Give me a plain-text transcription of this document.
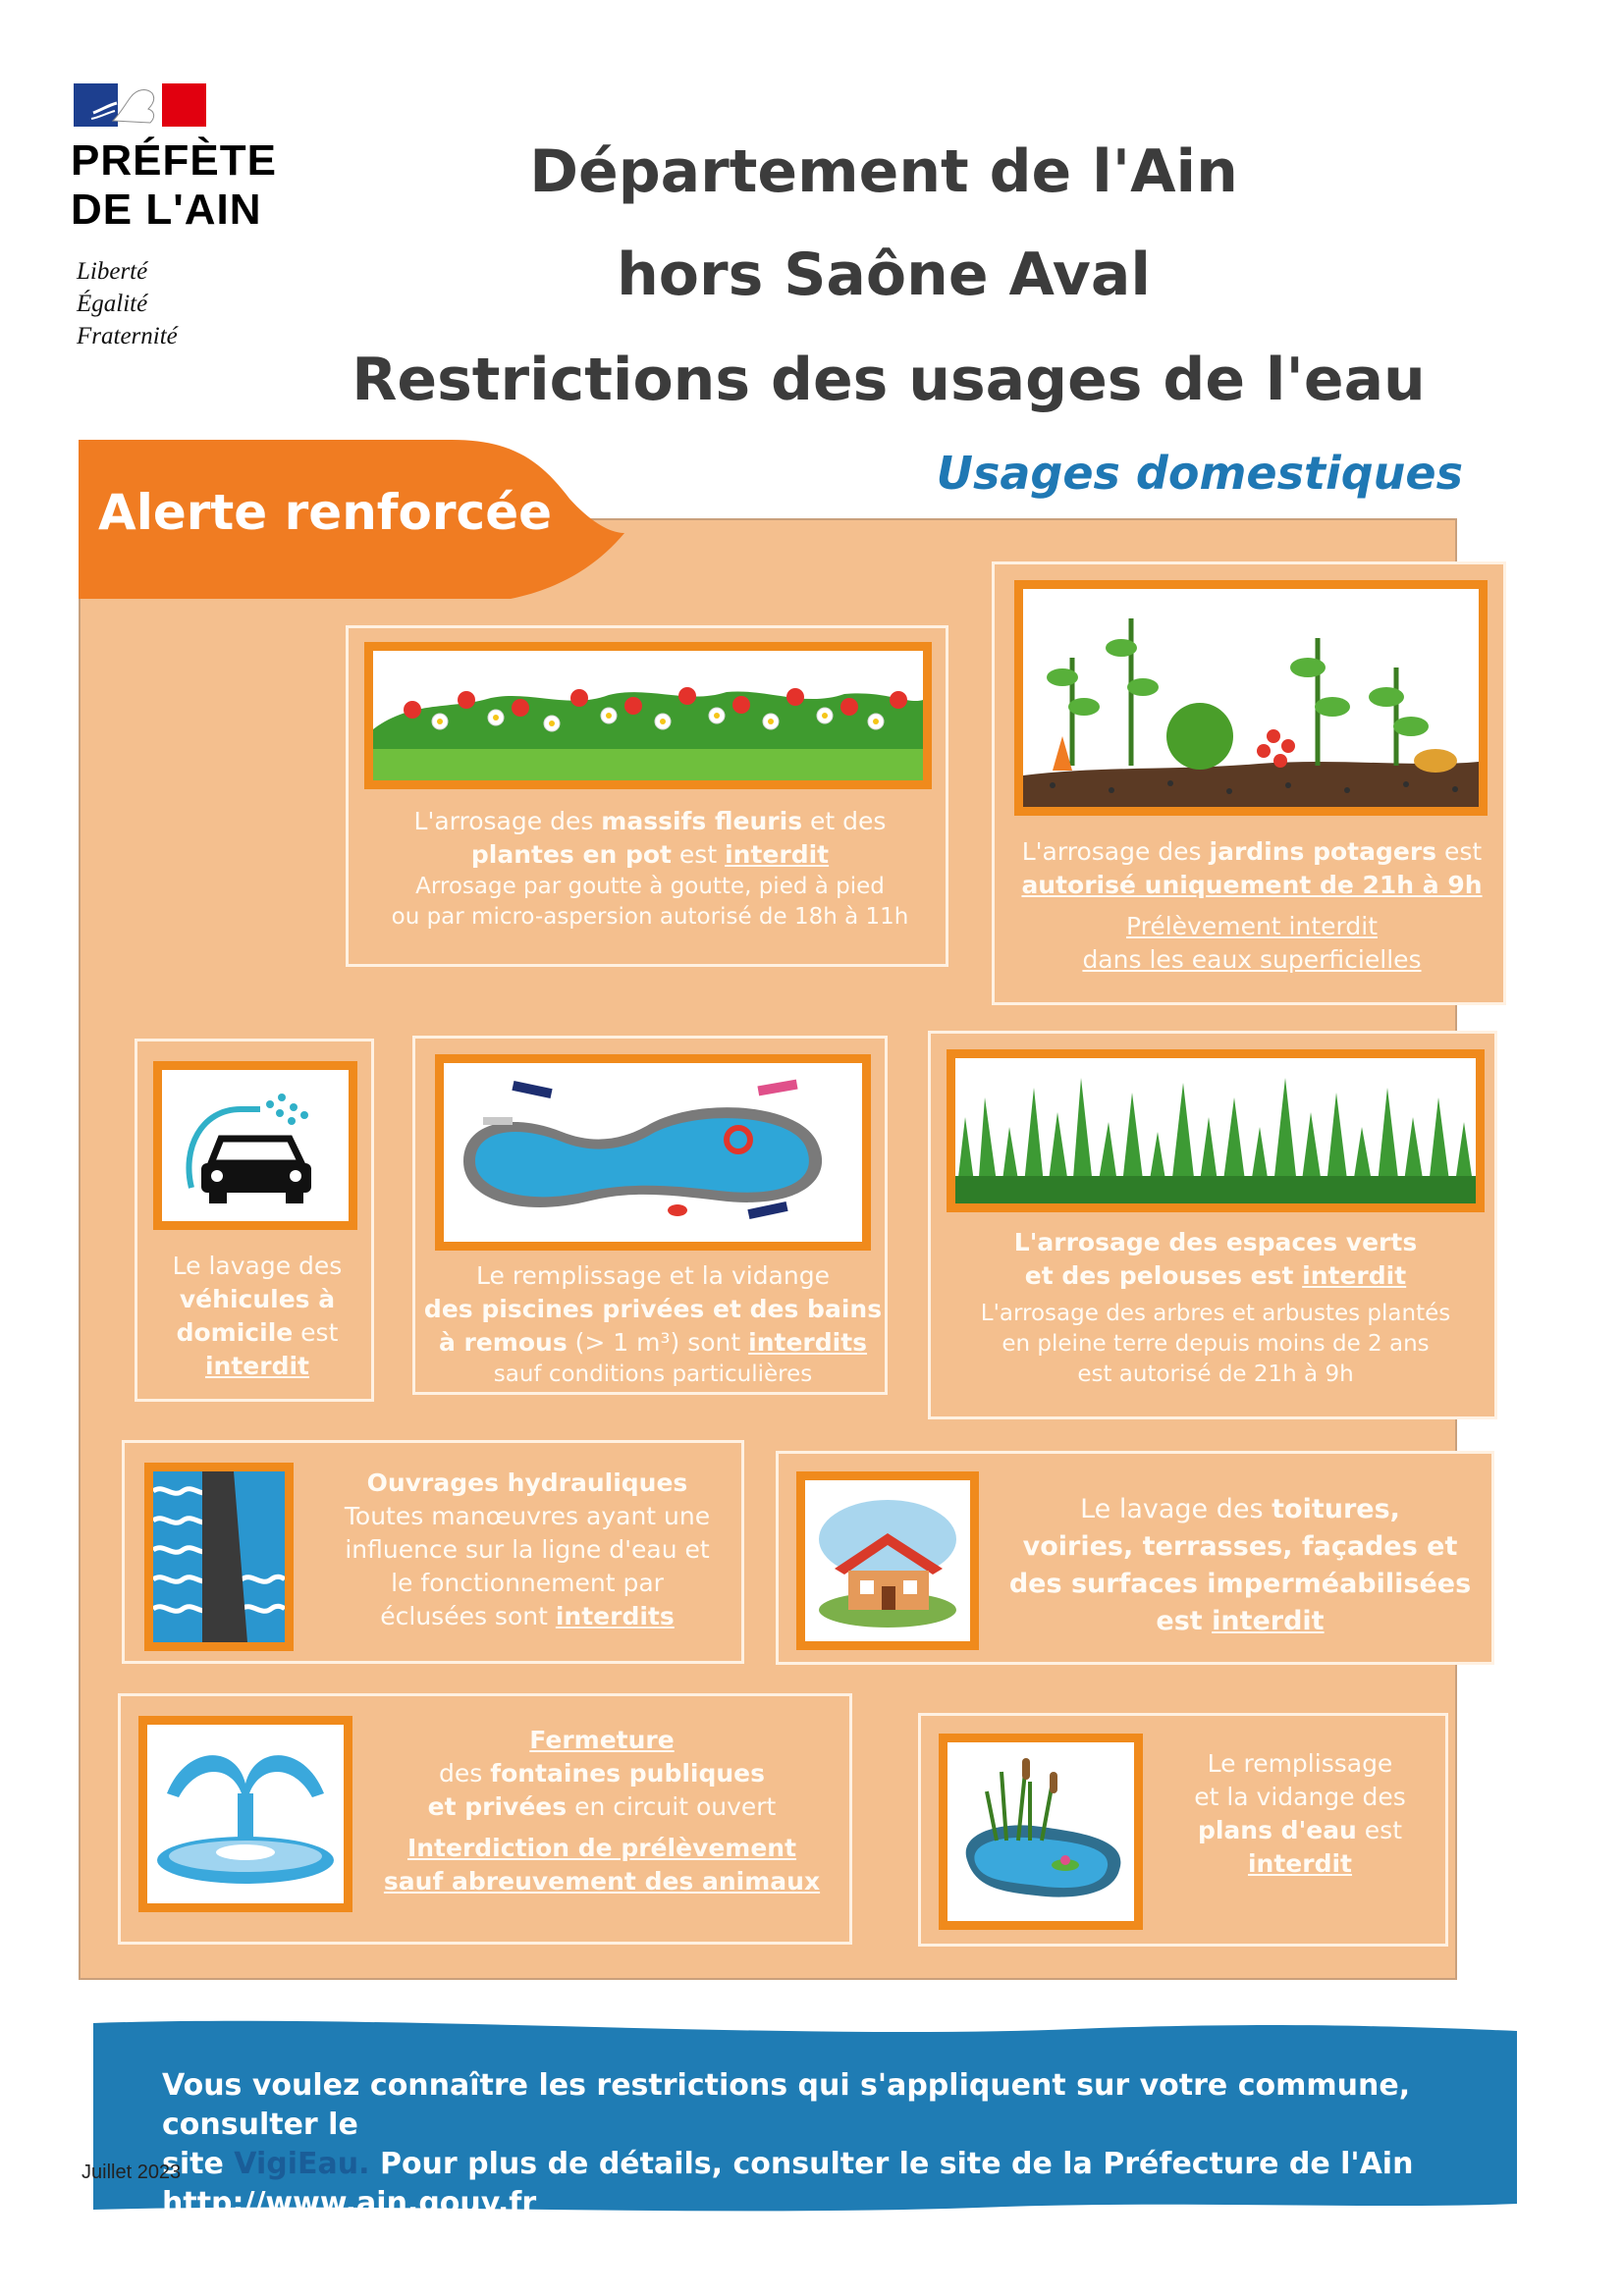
PRÉFÈTE
DE L'AIN
Liberté
Égalité
Fraternité
Département de l'Ain
hors Saône Aval
Restrictions des usages de l'eau
Usages domestiques
Alerte renforcée
L'arrosage des massifs fleuris et des
plantes en pot est interdit
Arrosage par goutte à goutte, pied à pied
ou par micro-aspersion autorisé de 18h à 11h
L'arrosage des jardins potagers est
autorisé uniquement de 21h à 9h
Prélèvement interdit
dans les eaux superficielles
Le lavage des
véhicules à
domicile est
interdit
Le remplissage et la vidange
des piscines privées et des bains
à remous (> 1 m³) sont interdits
sauf conditions particulières
L'arrosage des espaces verts
et des pelouses est interdit
L'arrosage des arbres et arbustes plantés
en pleine terre depuis moins de 2 ans
est autorisé de 21h à 9h
Ouvrages hydrauliques
Toutes manœuvres ayant une
influence sur la ligne d'eau et
le fonctionnement par
éclusées sont interdits
Le lavage des toitures,
voiries, terrasses, façades et
des surfaces imperméabilisées
est interdit
Fermeture
des fontaines publiques
et privées en circuit ouvert
Interdiction de prélèvement
sauf abreuvement des animaux
Le remplissage
et la vidange des
plans d'eau est
interdit
Vous voulez connaître les restrictions qui s'appliquent sur votre commune, consulter le
site VigiEau. Pour plus de détails, consulter le site de la Préfecture de l'Ain
http://www.ain.gouv.fr
Juillet 2023
